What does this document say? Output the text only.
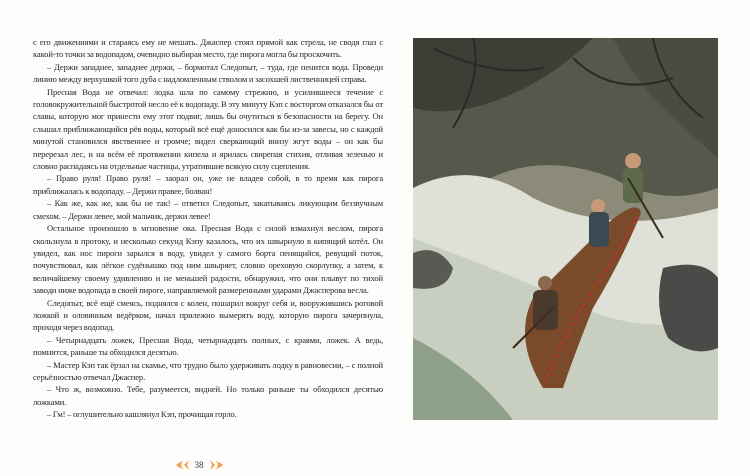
с его движениями и стараясь ему не мешать. Джаспер стоял прямой как стрела, не сводя глаз с какой-то точки за водопадом, очевидно выбирая место, где пирога могла бы проскочить.

– Держи западнее, западнее держи, – бормотал Следопыт, – туда, где пенится вода. Проведи линию между верхушкой того дуба с надломленным стволом и засохшей лиственницей справа.

Пресная Вода не отвечал: лодка шла по самому стрежню, и усилившееся течение с головокружительной быстротой несло её к водопаду. В эту минуту Кэп с восторгом отказался бы от славы, которую мог принести ему этот подвиг, лишь бы очутиться в безопасности на берегу. Он слышал приближающийся рёв воды, который всё ещё доносился как бы из-за завесы, но с каждой минутой становился явственнее и громче; видел сверкающий внизу жгут воды – он как бы перерезал лес, и на всём её протяжении кипела и ярилась свирепая стихия, отливая зеленью и словно распадаясь на отдельные частицы, утратившие всякую силу сцепления.

– Право руля! Право руля! – заорал он, уже не владея собой, в то время как пирога приближалась к водопаду. – Держи правее, болван!

– Как же, как же, как бы не так! – ответил Следопыт, закатываясь ликующим беззвучным смехом. – Держи левее, мой мальчик, держи левее!

Остальное произошло в мгновение ока. Пресная Вода с силой взмахнул веслом, пирога скользнула в протоку, и несколько секунд Кэпу казалось, что их швырнуло в кипящий котёл. Он увидел, как нос пироги зарылся в воду, увидел у самого борта пенящийся, ревущий поток, почувствовал, как лёгкое судёнышко под ним швыряет, словно ореховую скорлупку, а затем, к величайшему своему удивлению и не меньшей радости, обнаружил, что они плывут по тихой заводи ниже водопада в своей пироге, направляемой размеренными ударами Джасперова весла.

Следопыт, всё ещё смеясь, поднялся с колен, пошарил вокруг себя и, вооружившись роговой ложкой и оловянным ведёрком, начал прилежно вымерять воду, которую пирога зачерпнула, проходя через водопад.

– Четырнадцать ложек, Пресная Вода, четырнадцать полных, с краями, ложек. А ведь, помнится, раньше ты обходился десятью.

– Мастер Кэп так ёрзал на скамье, что трудно было удерживать лодку в равновесии, – с полной серьёзностью отвечал Джаспер.

– Что ж, возможно. Тебе, разумеется, видней. Но только раньше ты обходился десятью ложками.

– Гм! – оглушительно кашлянул Кэп, прочищая горло.

38
